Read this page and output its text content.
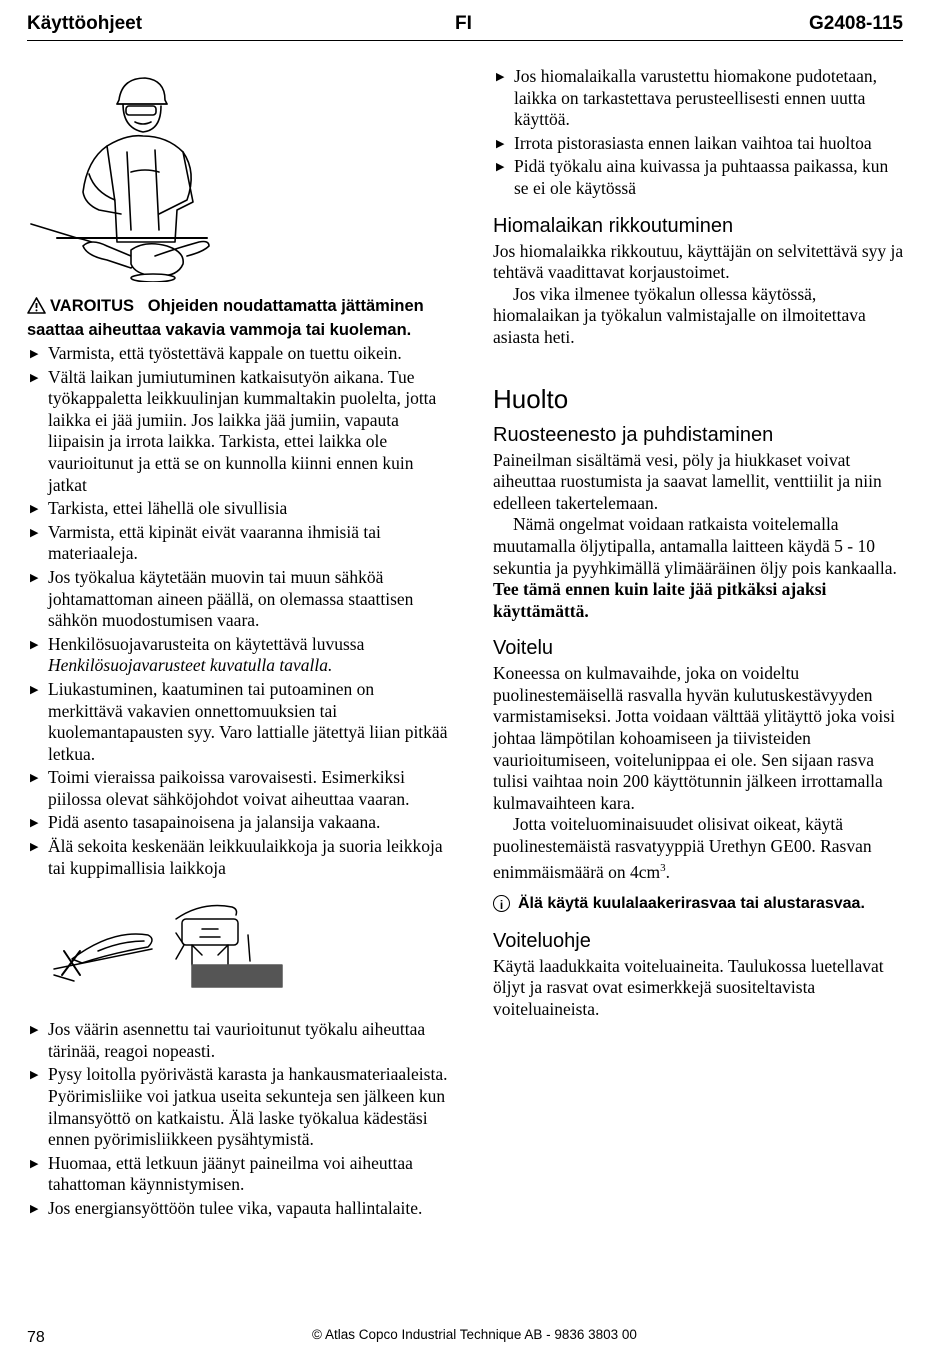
Käyttöohjeet	FI	G2408-115

VAROITUS Ohjeiden noudattamatta jättäminen saattaa aiheuttaa vakavia vammoja tai kuoleman.

▶ Varmista, että työstettävä kappale on tuettu oikein.
▶ Vältä laikan jumiutuminen katkaisutyön aikana. Tue työkappaletta leikkuulinjan kummaltakin puolelta, jotta laikka ei jää jumiin. Jos laikka jää jumiin, vapauta liipaisin ja irrota laikka. Tarkista, ettei laikka ole vaurioitunut ja että se on kunnolla kiinni ennen kuin jatkat
▶ Tarkista, ettei lähellä ole sivullisia
▶ Varmista, että kipinät eivät vaaranna ihmisiä tai materiaaleja.
▶ Jos työkalua käytetään muovin tai muun sähköä johtamattoman aineen päällä, on olemassa staattisen sähkön muodostumisen vaara.
▶ Henkilösuojavarusteita on käytettävä luvussa Henkilösuojavarusteet kuvatulla tavalla.
▶ Liukastuminen, kaatuminen tai putoaminen on merkittävä vakavien onnettomuuksien tai kuolemantapausten syy. Varo lattialle jätettyä liian pitkää letkua.
▶ Toimi vieraissa paikoissa varovaisesti. Esimerkiksi piilossa olevat sähköjohdot voivat aiheuttaa vaaran.
▶ Pidä asento tasapainoisena ja jalansija vakaana.
▶ Älä sekoita keskenään leikkuulaikkoja ja suoria leikkoja tai kuppimallisia laikkoja
▶ Jos väärin asennettu tai vaurioitunut työkalu aiheuttaa tärinää, reagoi nopeasti.
▶ Pysy loitolla pyörivästä karasta ja hankausmateriaaleista. Pyörimisliike voi jatkua useita sekunteja sen jälkeen kun ilmansyöttö on katkaistu. Älä laske työkalua kädestäsi ennen pyörimisliikkeen pysähtymistä.
▶ Huomaa, että letkuun jäänyt paineilma voi aiheuttaa tahattoman käynnistymisen.
▶ Jos energiansyöttöön tulee vika, vapauta hallintalaite.
▶ Jos hiomalaikalla varustettu hiomakone pudotetaan, laikka on tarkastettava perusteellisesti ennen uutta käyttöä.
▶ Irrota pistorasiasta ennen laikan vaihtoa tai huoltoa
▶ Pidä työkalu aina kuivassa ja puhtaassa paikassa, kun se ei ole käytössä
Hiomalaikan rikkoutuminen

Jos hiomalaikka rikkoutuu, käyttäjän on selvitettävä syy ja tehtävä vaadittavat korjaustoimet.

Jos vika ilmenee työkalun ollessa käytössä, hiomalaikan ja työkalun valmistajalle on ilmoitettava asiasta heti.

Huolto
Ruosteenesto ja puhdistaminen

Paineilman sisältämä vesi, pöly ja hiukkaset voivat aiheuttaa ruostumista ja saavat lamellit, venttiilit ja niin edelleen takertelemaan.

Nämä ongelmat voidaan ratkaista voitelemalla muutamalla öljytipalla, antamalla laitteen käydä 5 - 10 sekuntia ja pyyhkimällä ylimääräinen öljy pois kankaalla. Tee tämä ennen kuin laite jää pitkäksi ajaksi käyttämättä.

Voitelu

Koneessa on kulmavaihde, joka on voideltu puolinestemäisellä rasvalla hyvän kulutuskestävyyden varmistamiseksi. Jotta voidaan välttää ylitäyttö joka voisi johtaa lämpötilan kohoamiseen ja tiivisteiden vaurioitumiseen, voitelunippaa ei ole. Sen sijaan rasva tulisi vaihtaa noin 200 käyttötunnin jälkeen irrottamalla kulmavaihteen kara.

Jotta voiteluominaisuudet olisivat oikeat, käytä puolinestemäistä rasvatyyppiä Urethyn GE00. Rasvan enimmäismäärä on $4cm^3$.

iÄlä käytä kuulalaakerirasvaa tai alustarasvaa.

Voiteluohje

Käytä laadukkaita voiteluaineita. Taulukossa luetellavat öljyt ja rasvat ovat esimerkkejä suositeltavista voiteluaineista.

78	© Atlas Copco Industrial Technique AB - 9836 3803 00
